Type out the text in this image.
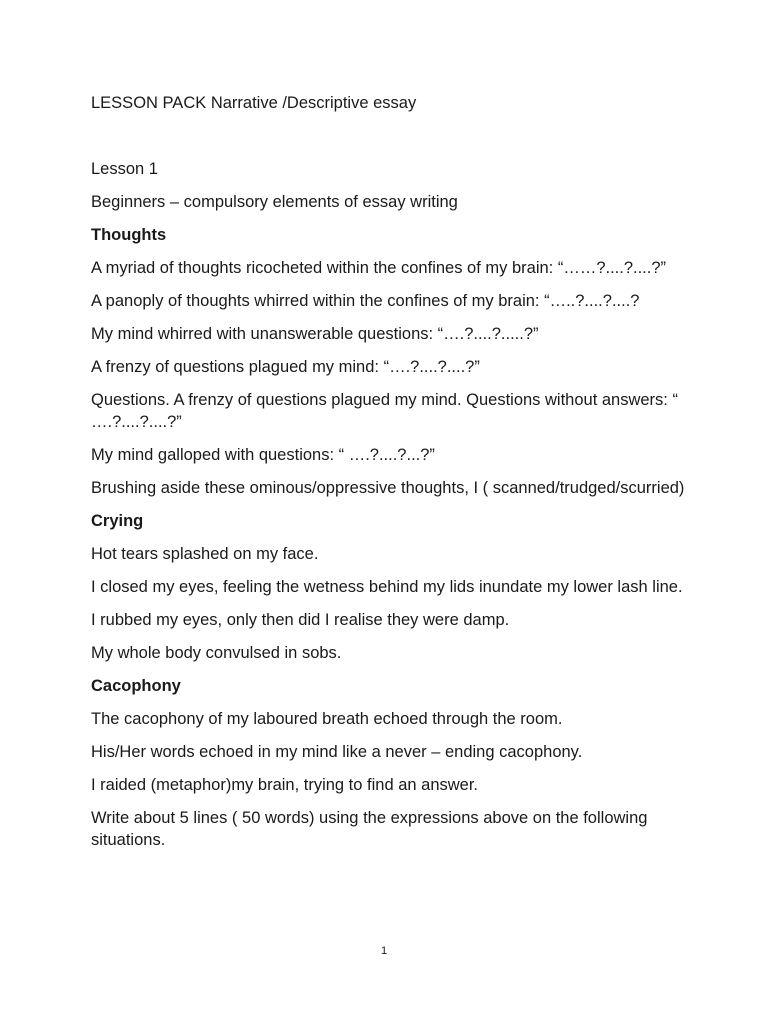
LESSON PACK Narrative /Descriptive essay

Lesson 1

Beginners – compulsory elements of essay writing

Thoughts

A myriad of thoughts ricocheted within the confines of my brain: “……?....?....?”

A panoply of thoughts whirred within the confines of my brain: “…..?....?....?

My mind whirred with unanswerable questions: “….?....?.....?”

A frenzy of questions plagued my mind: “….?....?....?”

Questions. A frenzy of questions plagued my mind. Questions without answers: “ ….?....?....?”

My mind galloped with questions: “ ….?....?...?”

Brushing aside these ominous/oppressive thoughts, I ( scanned/trudged/scurried)

Crying

Hot tears splashed on my face.

I closed my eyes, feeling the wetness behind my lids inundate my lower lash line.

I rubbed my eyes, only then did I realise they were damp.

My whole body convulsed in sobs.

Cacophony

The cacophony of my laboured breath echoed through the room.

His/Her words echoed in my mind like a never – ending cacophony.

I raided (metaphor)my brain, trying to find an answer.

Write about 5 lines ( 50 words) using the expressions above on the following situations.

1
